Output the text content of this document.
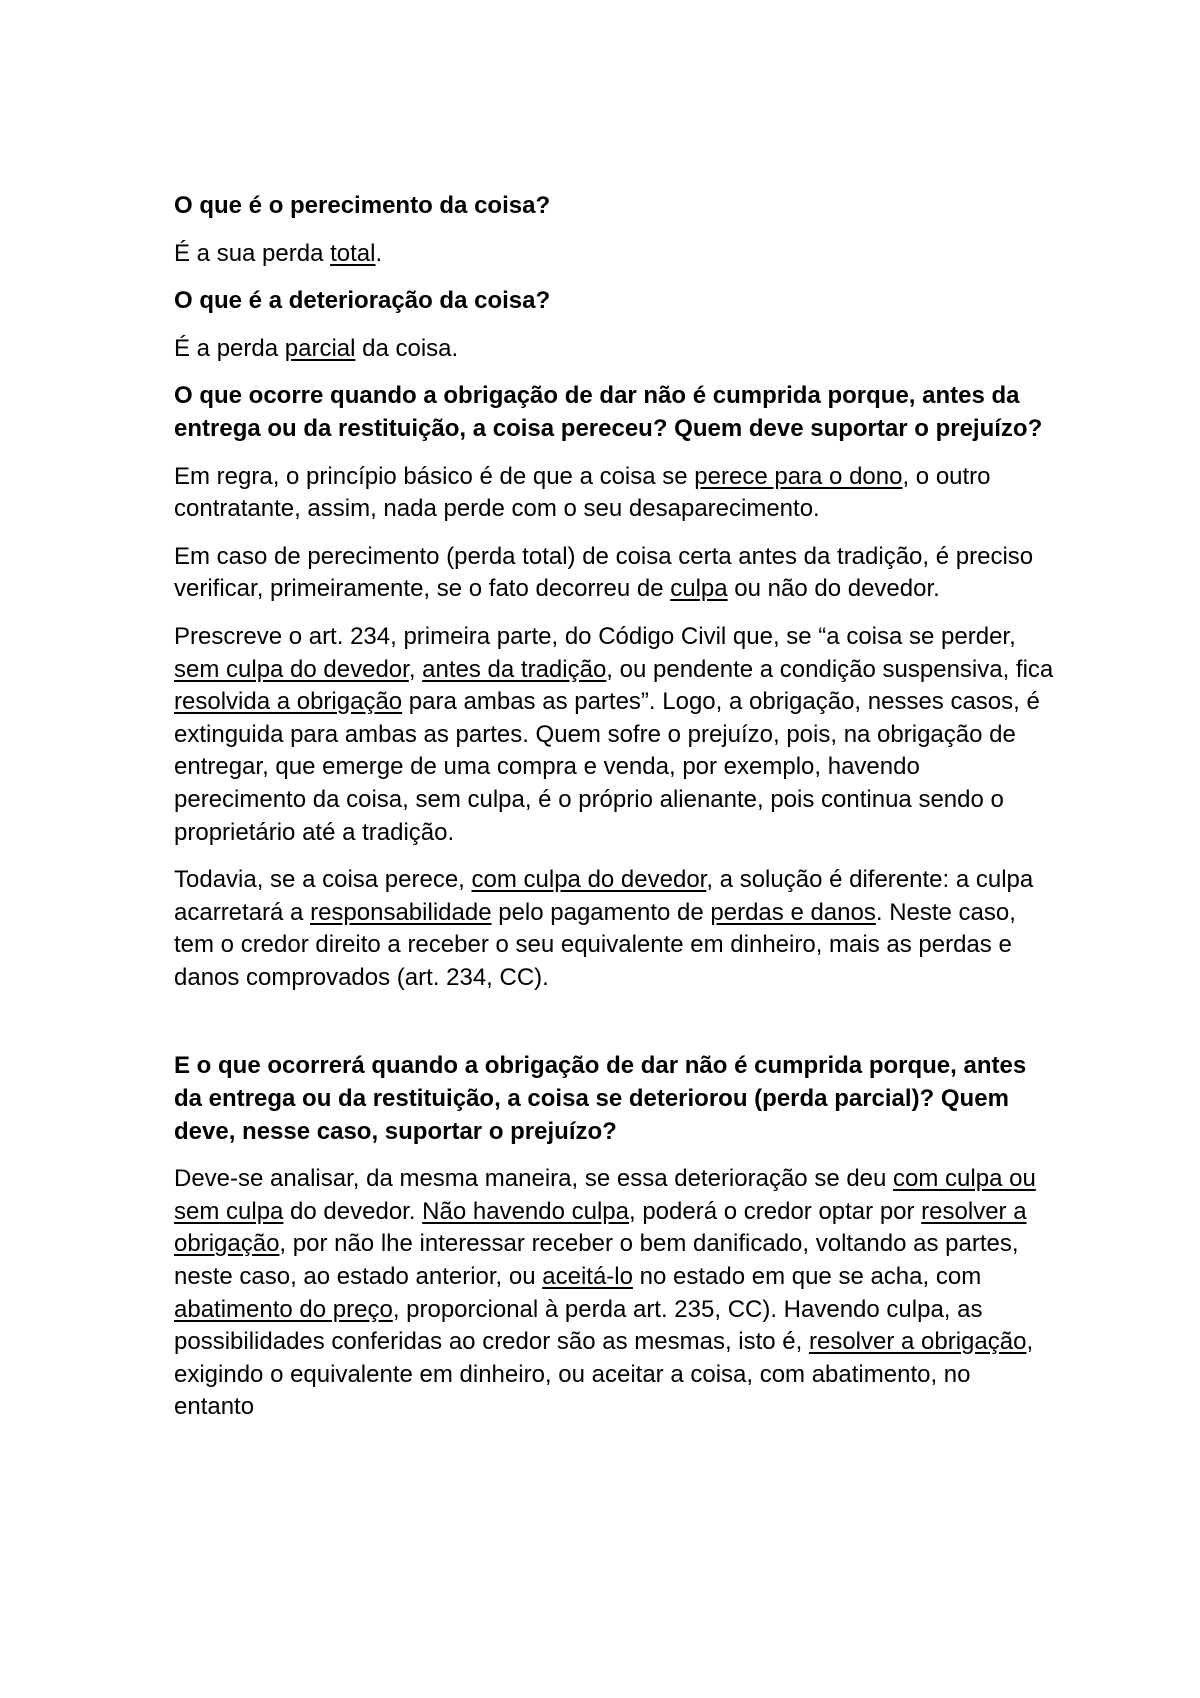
O que é o perecimento da coisa?

É a sua perda total.

O que é a deterioração da coisa?

É a perda parcial da coisa.

O que ocorre quando a obrigação de dar não é cumprida porque, antes da entrega ou da restituição, a coisa pereceu? Quem deve suportar o prejuízo?

Em regra, o princípio básico é de que a coisa se perece para o dono, o outro contratante, assim, nada perde com o seu desaparecimento.

Em caso de perecimento (perda total) de coisa certa antes da tradição, é preciso verificar, primeiramente, se o fato decorreu de culpa ou não do devedor.

Prescreve o art. 234, primeira parte, do Código Civil que, se “a coisa se perder, sem culpa do devedor, antes da tradição, ou pendente a condição suspensiva, fica resolvida a obrigação para ambas as partes”. Logo, a obrigação, nesses casos, é extinguida para ambas as partes. Quem sofre o prejuízo, pois, na obrigação de entregar, que emerge de uma compra e venda, por exemplo, havendo perecimento da coisa, sem culpa, é o próprio alienante, pois continua sendo o proprietário até a tradição.

Todavia, se a coisa perece, com culpa do devedor, a solução é diferente: a culpa acarretará a responsabilidade pelo pagamento de perdas e danos. Neste caso, tem o credor direito a receber o seu equivalente em dinheiro, mais as perdas e danos comprovados (art. 234, CC).

E o que ocorrerá quando a obrigação de dar não é cumprida porque, antes da entrega ou da restituição, a coisa se deteriorou (perda parcial)? Quem deve, nesse caso, suportar o prejuízo?

Deve-se analisar, da mesma maneira, se essa deterioração se deu com culpa ou sem culpa do devedor. Não havendo culpa, poderá o credor optar por resolver a obrigação, por não lhe interessar receber o bem danificado, voltando as partes, neste caso, ao estado anterior, ou aceitá-lo no estado em que se acha, com abatimento do preço, proporcional à perda art. 235, CC). Havendo culpa, as possibilidades conferidas ao credor são as mesmas, isto é, resolver a obrigação, exigindo o equivalente em dinheiro, ou aceitar a coisa, com abatimento, no entanto
